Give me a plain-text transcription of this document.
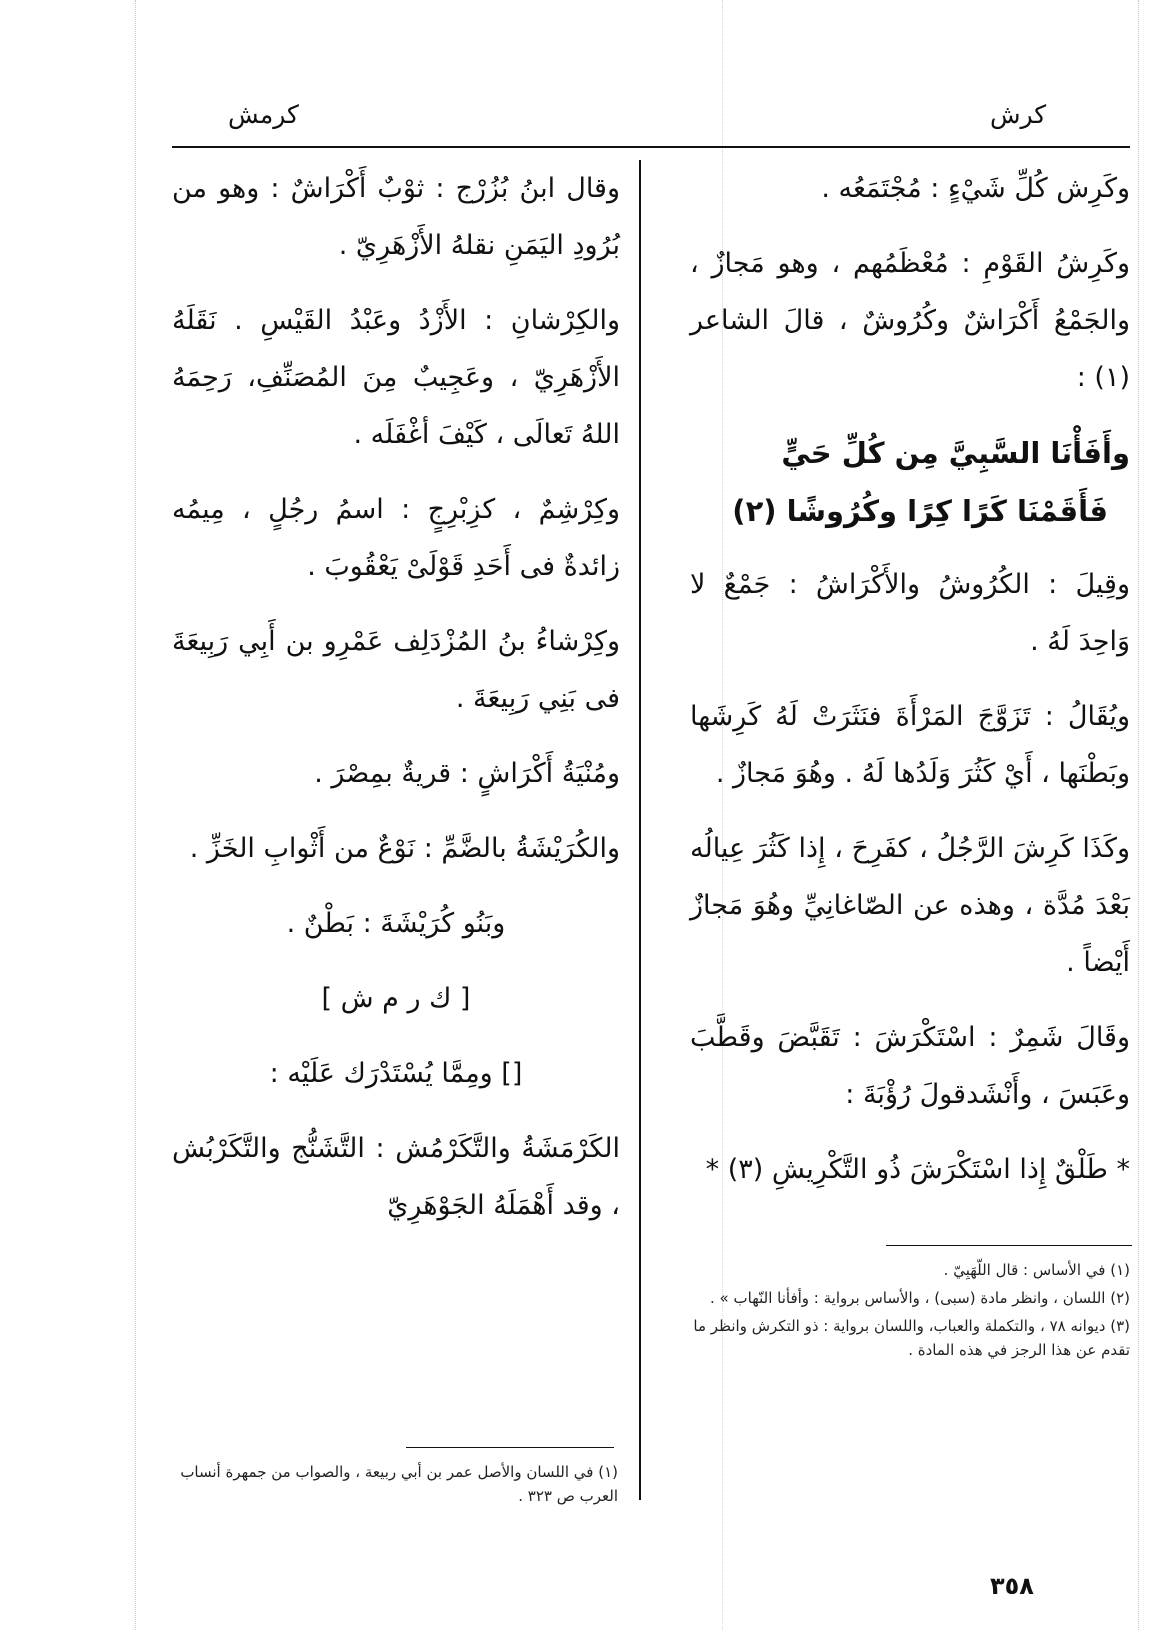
كرش
كرمش

وكَرِش كُلِّ شَيْءٍ : مُجْتَمَعُه .

وكَرِشُ القَوْمِ : مُعْظَمُهم ، وهو مَجازٌ ، والجَمْعُ أَكْرَاشٌ وكُرُوشٌ ، قالَ الشاعر (١) :

وأَفَأْنَا السَّبِيَّ مِن كُلِّ حَيٍّ
فَأَقَمْنَا كَرًا كِرًا وكُرُوشًا (٢)

وقِيلَ : الكُرُوشُ والأَكْرَاشُ : جَمْعٌ لا وَاحِدَ لَهُ .

ويُقَالُ : تَزَوَّجَ المَرْأَةَ فنَثَرَتْ لَهُ كَرِشَها وبَطْنَها ، أَيْ كَثُرَ وَلَدُها لَهُ . وهُوَ مَجازٌ .

وكَذَا كَرِشَ الرَّجُلُ ، كفَرِحَ ، إِذا كَثُرَ عِيالُه بَعْدَ مُدَّة ، وهذه عن الصّاغانِيِّ وهُوَ مَجازٌ أَيْضاً .

وقَالَ شَمِرٌ : اسْتَكْرَشَ : تَقَبَّضَ وقَطَّبَ وعَبَسَ ، وأَنْشَدقولَ رُؤْبَةَ :

* طَلْقٌ إِذا اسْتَكْرَشَ ذُو التَّكْرِيشِ (٣) *

(١) في الأساس : قال اللّهَبِيّ .

(٢) اللسان ، وانظر مادة (سبى) ، والأساس برواية : وأفأنا النّهاب » .

(٣) ديوانه ٧٨ ، والتكملة والعباب، واللسان برواية : ذو التكرش وانظر ما تقدم عن هذا الرجز في هذه المادة .

وقال ابنُ بُزُرْج : ثوْبٌ أَكْرَاشٌ : وهو من بُرُودِ اليَمَنِ نقلهُ الأَزْهَرِيّ .

والكِرْشانِ : الأَزْدُ وعَبْدُ القَيْسِ . نَقَلَهُ الأَزْهَرِيّ ، وعَجِيبٌ مِنَ المُصَنِّفِ، رَحِمَهُ اللهُ تَعالَى ، كَيْفَ أغْفَلَه .

وكِرْشِمٌ ، كزِبْرِجٍ : اسمُ رجُلٍ ، مِيمُه زائدةٌ فى أَحَدِ قَوْلَىْ يَعْقُوبَ .

وكِرْشاءُ بنُ المُزْدَلِف عَمْرِو بن أَبِي رَبِيعَةَ فى بَنِي رَبِيعَةَ .

ومُنْيَةُ أَكْرَاشٍ : قريةٌ بمِصْرَ .

والكُرَيْشَةُ بالضَّمِّ : نَوْعٌ من أَثْوابِ الخَزِّ .

وبَنُو كُرَيْشَةَ : بَطْنٌ .

[ ك ر م ش ]

[] ومِمَّا يُسْتَدْرَك عَلَيْه :

الكَرْمَشَةُ والتَّكَرْمُش : التَّشَنُّج والتَّكَرْبُش ، وقد أَهْمَلَهُ الجَوْهَرِيّ

(١) في اللسان والأصل عمر بن أبي ربيعة ، والصواب من جمهرة أنساب العرب ص ٣٢٣ .

٣٥٨
